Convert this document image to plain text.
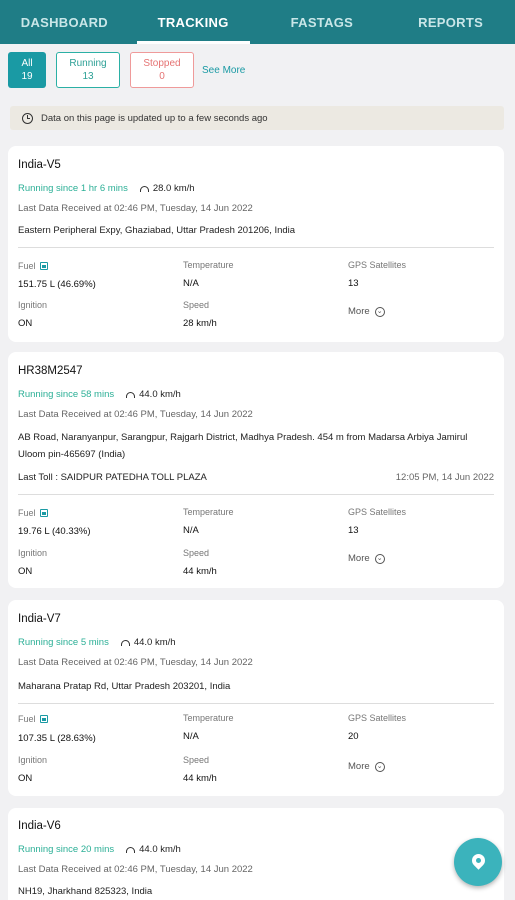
DASHBOARD	TRACKING	FASTAGS	REPORTS
All
19
Running
13
Stopped
0
See More
Data on this page is updated up to a few seconds ago
India-V5
Running since 1 hr 6 mins	28.0 km/h
Last Data Received at 02:46 PM, Tuesday, 14 Jun 2022
Eastern Peripheral Expy, Ghaziabad, Uttar Pradesh 201206, India
Fuel
151.75 L (46.69%)
Temperature
N/A
GPS Satellites
13
Ignition
ON
Speed
28 km/h
More ⌄
HR38M2547
Running since 58 mins	44.0 km/h
Last Data Received at 02:46 PM, Tuesday, 14 Jun 2022
AB Road, Naranyanpur, Sarangpur, Rajgarh District, Madhya Pradesh. 454 m from Madarsa Arbiya Jamirul Uloom pin-465697 (India)
Last Toll : SAIDPUR PATEDHA TOLL PLAZA	12:05 PM, 14 Jun 2022
Fuel
19.76 L (40.33%)
Temperature
N/A
GPS Satellites
13
Ignition
ON
Speed
44 km/h
More ⌄
India-V7
Running since 5 mins	44.0 km/h
Last Data Received at 02:46 PM, Tuesday, 14 Jun 2022
Maharana Pratap Rd, Uttar Pradesh 203201, India
Fuel
107.35 L (28.63%)
Temperature
N/A
GPS Satellites
20
Ignition
ON
Speed
44 km/h
More ⌄
India-V6
Running since 20 mins	44.0 km/h
Last Data Received at 02:46 PM, Tuesday, 14 Jun 2022
NH19, Jharkhand 825323, India
